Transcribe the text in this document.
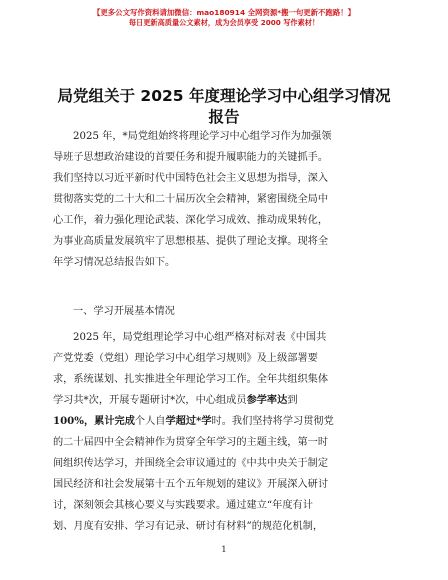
【更多公文写作资料请加微信：mao180914 全网资源*搬一句更新不跑路！】
每日更新高质量公文素材，成为会员享受 2000 写作素材！
局党组关于 2025 年度理论学习中心组学习情况
报告
2025 年，*局党组始终将理论学习中心组学习作为加强领
导班子思想政治建设的首要任务和提升履职能力的关键抓手。
我们坚持以习近平新时代中国特色社会主义思想为指导，深入
贯彻落实党的二十大和二十届历次全会精神，紧密围绕全局中
心工作，着力强化理论武装、深化学习成效、推动成果转化，
为事业高质量发展筑牢了思想根基、提供了理论支撑。现将全
年学习情况总结报告如下。
一、学习开展基本情况
2025 年，局党组理论学习中心组严格对标对表《中国共
产党党委（党组）理论学习中心组学习规则》及上级部署要
求，系统谋划、扎实推进全年理论学习工作。全年共组织集体
学习共*次，开展专题研讨*次，中心组成员参学率达到
100%，累计完成个人自学超过*学时。我们坚持将学习贯彻党
的二十届四中全会精神作为贯穿全年学习的主题主线，第一时
间组织传达学习，并围绕全会审议通过的《中共中央关于制定
国民经济和社会发展第十五个五年规划的建议》开展深入研讨
讨，深刻领会其核心要义与实践要求。通过建立“年度有计
划、月度有安排、学习有记录、研讨有材料”的规范化机制，
1
